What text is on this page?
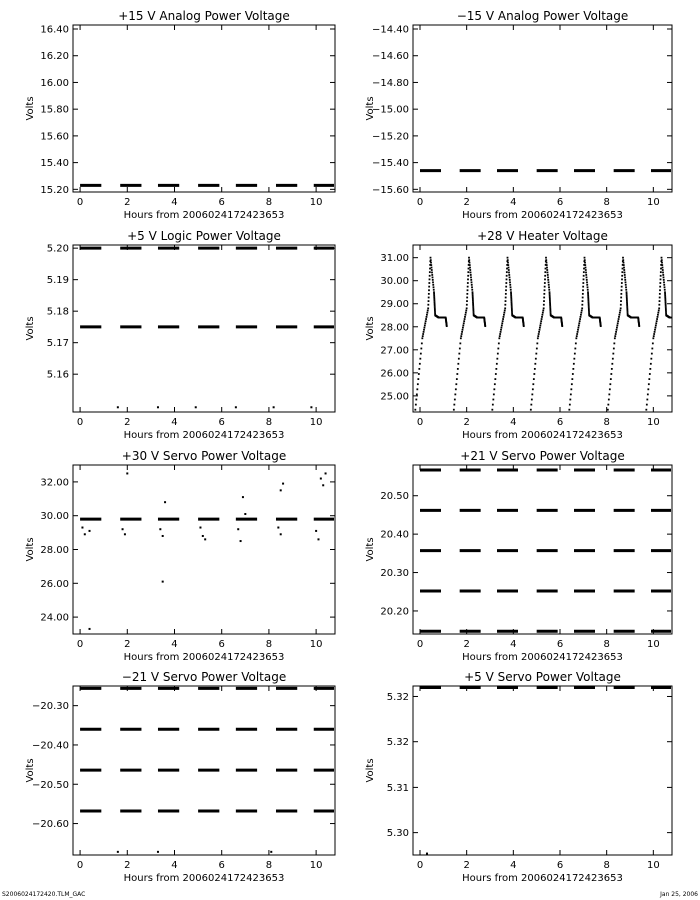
+15 V Analog Power Voltage
0	2	4	6	8	10
15.20
15.40
15.60
15.80
16.00
16.20
16.40
Hours from 2006024172423653
Volts
−15 V Analog Power Voltage
0	2	4	6	8	10
−15.60
−15.40
−15.20
−15.00
−14.80
−14.60
−14.40
Hours from 2006024172423653
Volts
+5 V Logic Power Voltage
0	2	4	6	8	10
5.16
5.17
5.18
5.19
5.20
Hours from 2006024172423653
Volts
+28 V Heater Voltage
0	2	4	6	8	10
25.00
26.00
27.00
28.00
29.00
30.00
31.00
Hours from 2006024172423653
Volts
+30 V Servo Power Voltage
0	2	4	6	8	10
24.00
26.00
28.00
30.00
32.00
Hours from 2006024172423653
Volts
+21 V Servo Power Voltage
0	2	4	6	8	10
20.20
20.30
20.40
20.50
Hours from 2006024172423653
Volts
−21 V Servo Power Voltage
0	2	4	6	8	10
−20.60
−20.50
−20.40
−20.30
Hours from 2006024172423653
Volts
+5 V Servo Power Voltage
0	2	4	6	8	10
5.30
5.31
5.32
5.32
Hours from 2006024172423653
Volts
S2006024172420.TLM_GAC	Jan 25, 2006
